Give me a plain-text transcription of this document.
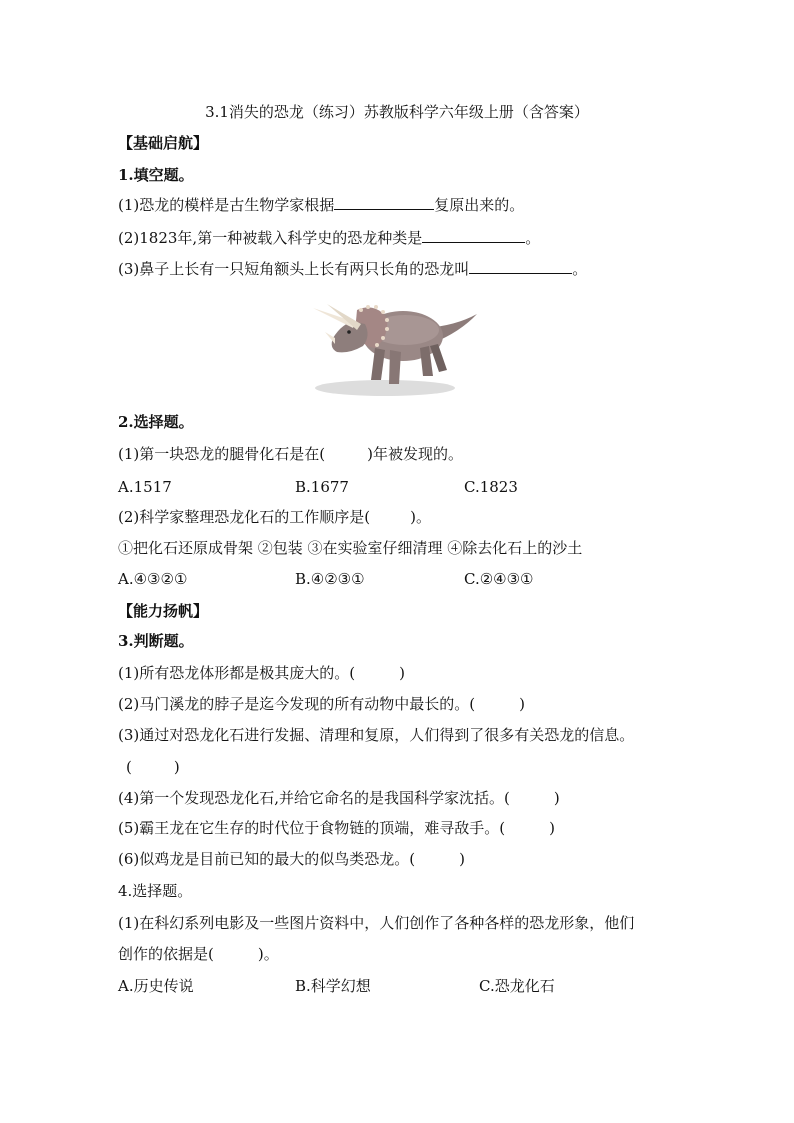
3.1消失的恐龙（练习）苏教版科学六年级上册（含答案）
【基础启航】
1.填空题。
(1)恐龙的模样是古生物学家根据	复原出来的。
(2)1823年,第一种被载入科学史的恐龙种类是	。
(3)鼻子上长有一只短角额头上长有两只长角的恐龙叫	。
2.选择题。
(1)第一块恐龙的腿骨化石是在(	)年被发现的。
A.1517	B.1677	C.1823
(2)科学家整理恐龙化石的工作顺序是(	)。
①把化石还原成骨架 ②包装 ③在实验室仔细清理 ④除去化石上的沙土
A.④③②①	B.④②③①	C.②④③①
【能力扬帆】
3.判断题。
(1)所有恐龙体形都是极其庞大的。(	)
(2)马门溪龙的脖子是迄今发现的所有动物中最长的。(	)
(3)通过对恐龙化石进行发掘、清理和复原，人们得到了很多有关恐龙的信息。
(	)
(4)第一个发现恐龙化石,并给它命名的是我国科学家沈括。(	)
(5)霸王龙在它生存的时代位于食物链的顶端，难寻敌手。(	)
(6)似鸡龙是目前已知的最大的似鸟类恐龙。(	)
4.选择题。
(1)在科幻系列电影及一些图片资料中，人们创作了各种各样的恐龙形象，他们
创作的依据是(	)。
A.历史传说	B.科学幻想	C.恐龙化石
